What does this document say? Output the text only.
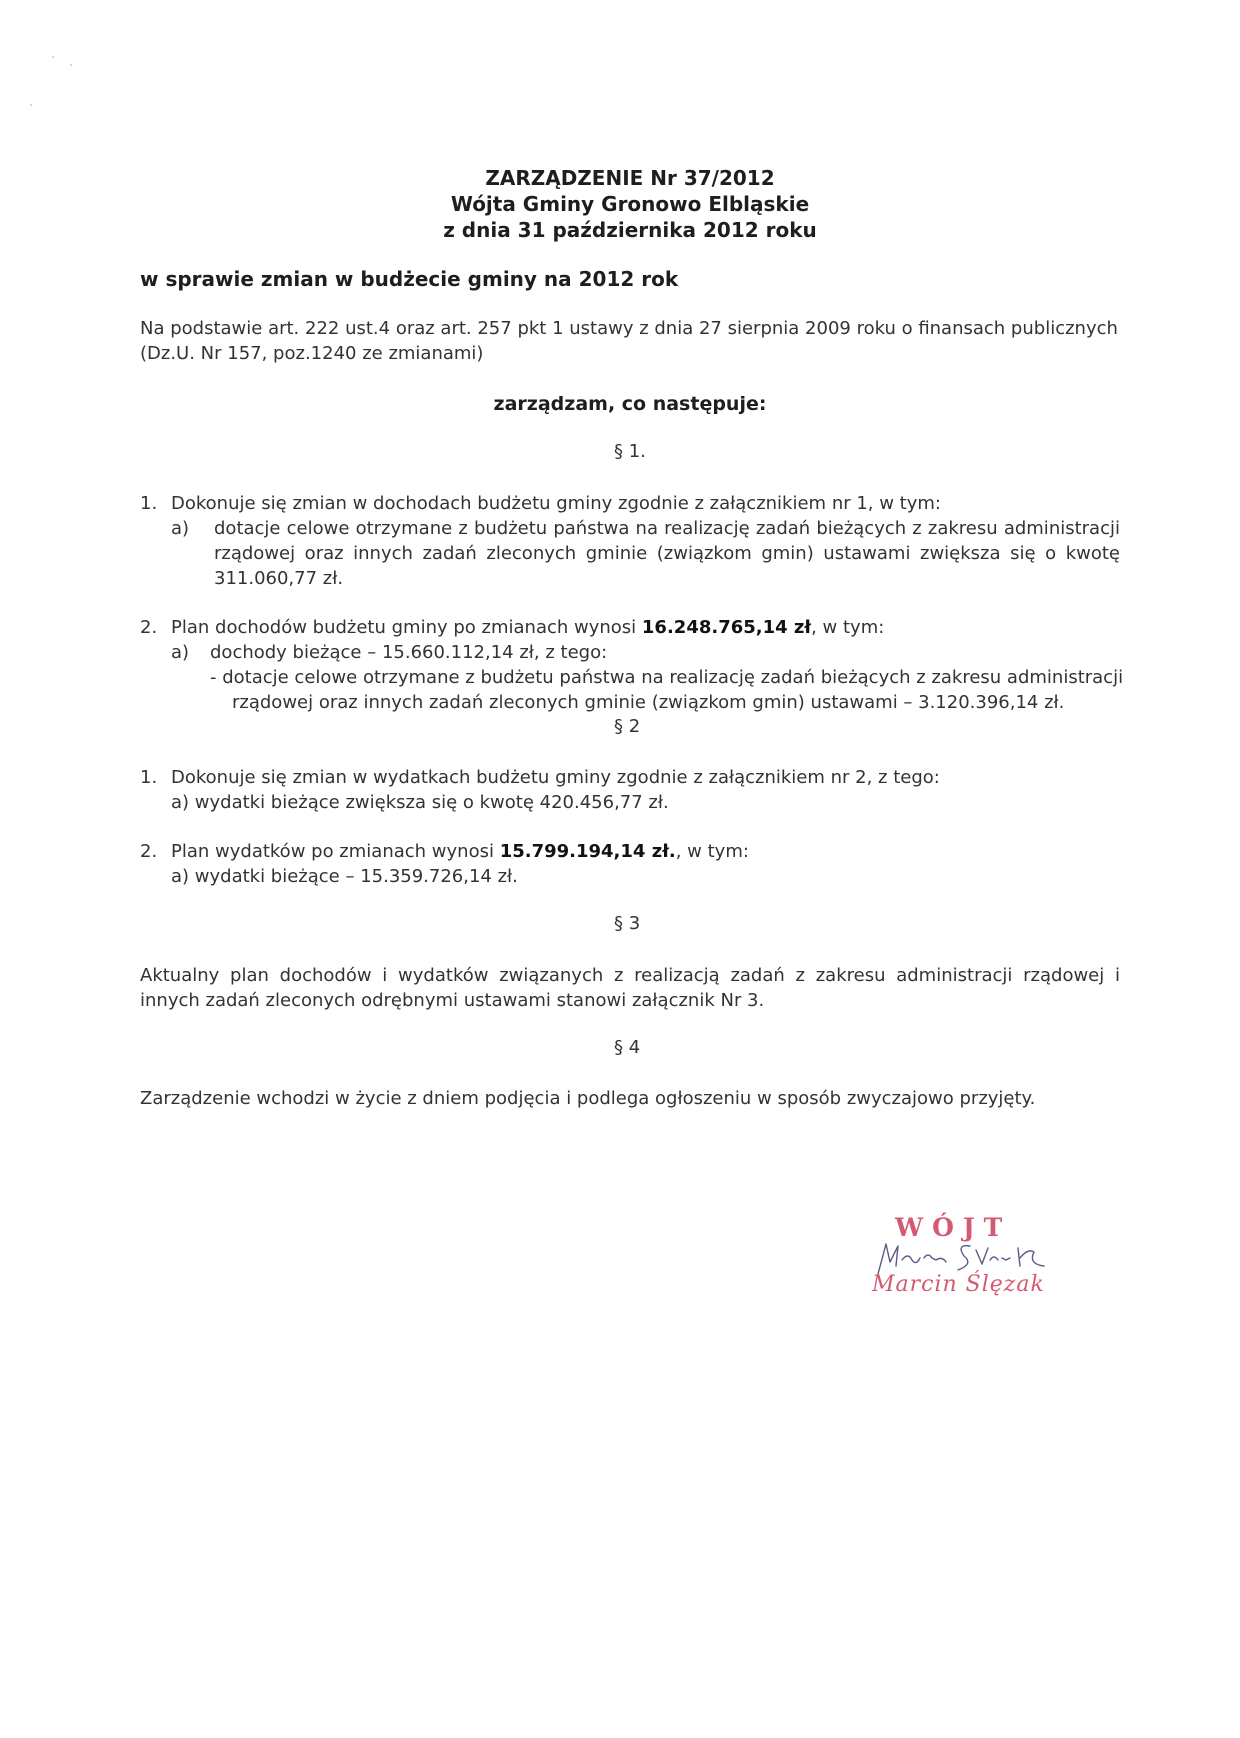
ZARZĄDZENIE Nr 37/2012

Wójta Gminy Gronowo Elbląskie

z dnia 31 października 2012 roku

w sprawie zmian w budżecie gminy na 2012 rok

Na podstawie art. 222 ust.4 oraz art. 257 pkt 1 ustawy z dnia 27 sierpnia 2009 roku o finansach publicznych

(Dz.U. Nr 157, poz.1240 ze zmianami)

zarządzam, co następuje:

§ 1.

1. Dokonuje się zmian w dochodach budżetu gminy zgodnie z załącznikiem nr 1, w tym:

a) dotacje celowe otrzymane z budżetu państwa na realizację zadań bieżących z zakresu administracji rządowej oraz innych zadań zleconych gminie (związkom gmin) ustawami zwiększa się o kwotę 311.060,77 zł.

2. Plan dochodów budżetu gminy po zmianach wynosi 16.248.765,14 zł, w tym:

a) dochody bieżące – 15.660.112,14 zł, z tego:

- dotacje celowe otrzymane z budżetu państwa na realizację zadań bieżących z zakresu administracji

rządowej oraz innych zadań zleconych gminie (związkom gmin) ustawami – 3.120.396,14 zł.

§ 2

1. Dokonuje się zmian w wydatkach budżetu gminy zgodnie z załącznikiem nr 2, z tego:

a) wydatki bieżące zwiększa się o kwotę 420.456,77 zł.

2. Plan wydatków po zmianach wynosi 15.799.194,14 zł., w tym:

a) wydatki bieżące – 15.359.726,14 zł.

§ 3

Aktualny plan dochodów i wydatków związanych z realizacją zadań z zakresu administracji rządowej i innych zadań zleconych odrębnymi ustawami stanowi załącznik Nr 3.

§ 4

Zarządzenie wchodzi w życie z dniem podjęcia i podlega ogłoszeniu w sposób zwyczajowo przyjęty.

WÓJT

Marcin Ślęzak
